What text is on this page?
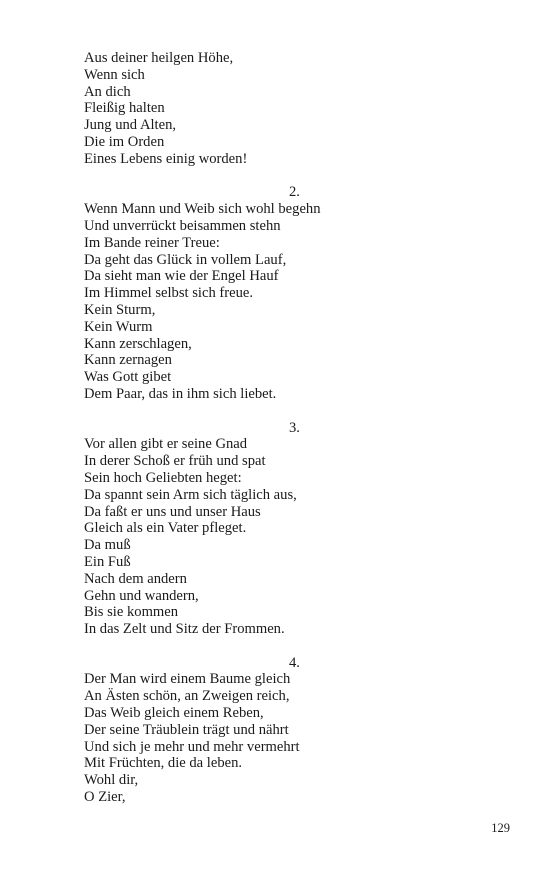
Aus deiner heilgen Höhe,
Wenn sich
An dich
Fleißig halten
Jung und Alten,
Die im Orden
Eines Lebens einig worden!
2.
Wenn Mann und Weib sich wohl begehn
Und unverrückt beisammen stehn
Im Bande reiner Treue:
Da geht das Glück in vollem Lauf,
Da sieht man wie der Engel Hauf
Im Himmel selbst sich freue.
Kein Sturm,
Kein Wurm
Kann zerschlagen,
Kann zernagen
Was Gott gibet
Dem Paar, das in ihm sich liebet.
3.
Vor allen gibt er seine Gnad
In derer Schoß er früh und spat
Sein hoch Geliebten heget:
Da spannt sein Arm sich täglich aus,
Da faßt er uns und unser Haus
Gleich als ein Vater pfleget.
Da muß
Ein Fuß
Nach dem andern
Gehn und wandern,
Bis sie kommen
In das Zelt und Sitz der Frommen.
4.
Der Man wird einem Baume gleich
An Ästen schön, an Zweigen reich,
Das Weib gleich einem Reben,
Der seine Träublein trägt und nährt
Und sich je mehr und mehr vermehrt
Mit Früchten, die da leben.
Wohl dir,
O Zier,
129
